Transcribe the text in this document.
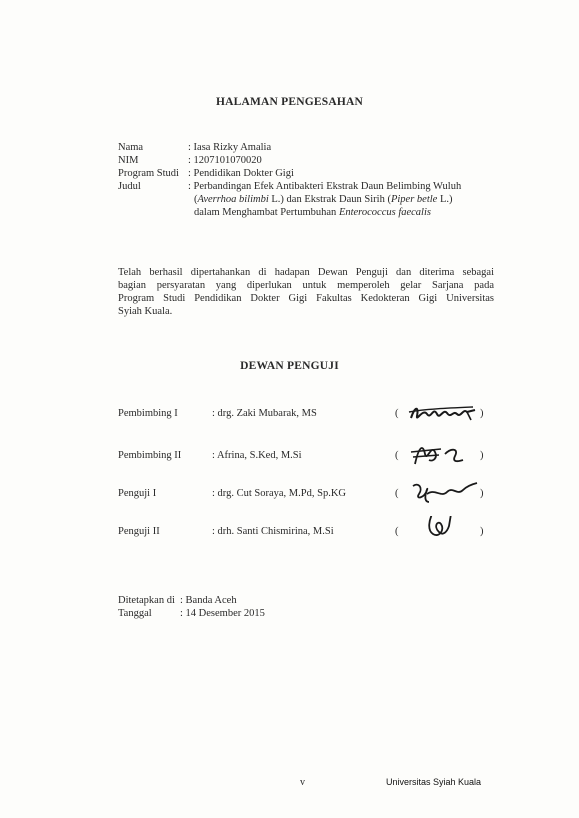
HALAMAN PENGESAHAN
Nama	: Iasa Rizky Amalia
NIM	: 1207101070020
Program Studi : Pendidikan Dokter Gigi
Judul	: Perbandingan Efek Antibakteri Ekstrak Daun Belimbing Wuluh
(Averrhoa bilimbi L.) dan Ekstrak Daun Sirih (Piper betle L.)
dalam Menghambat Pertumbuhan Enterococcus faecalis
Telah berhasil dipertahankan di hadapan Dewan Penguji dan diterima sebagai
bagian persyaratan yang diperlukan untuk memperoleh gelar Sarjana pada
Program Studi Pendidikan Dokter Gigi Fakultas Kedokteran Gigi Universitas
Syiah Kuala.
DEWAN PENGUJI
Pembimbing I	: drg. Zaki Mubarak, MS	(	)
Pembimbing II	: Afrina, S.Ked, M.Si	(	)
Penguji I	: drg. Cut Soraya, M.Pd, Sp.KG	(	)
Penguji II	: drh. Santi Chismirina, M.Si	(	)
Ditetapkan di : Banda Aceh
Tanggal	: 14 Desember 2015
v	Universitas Syiah Kuala
